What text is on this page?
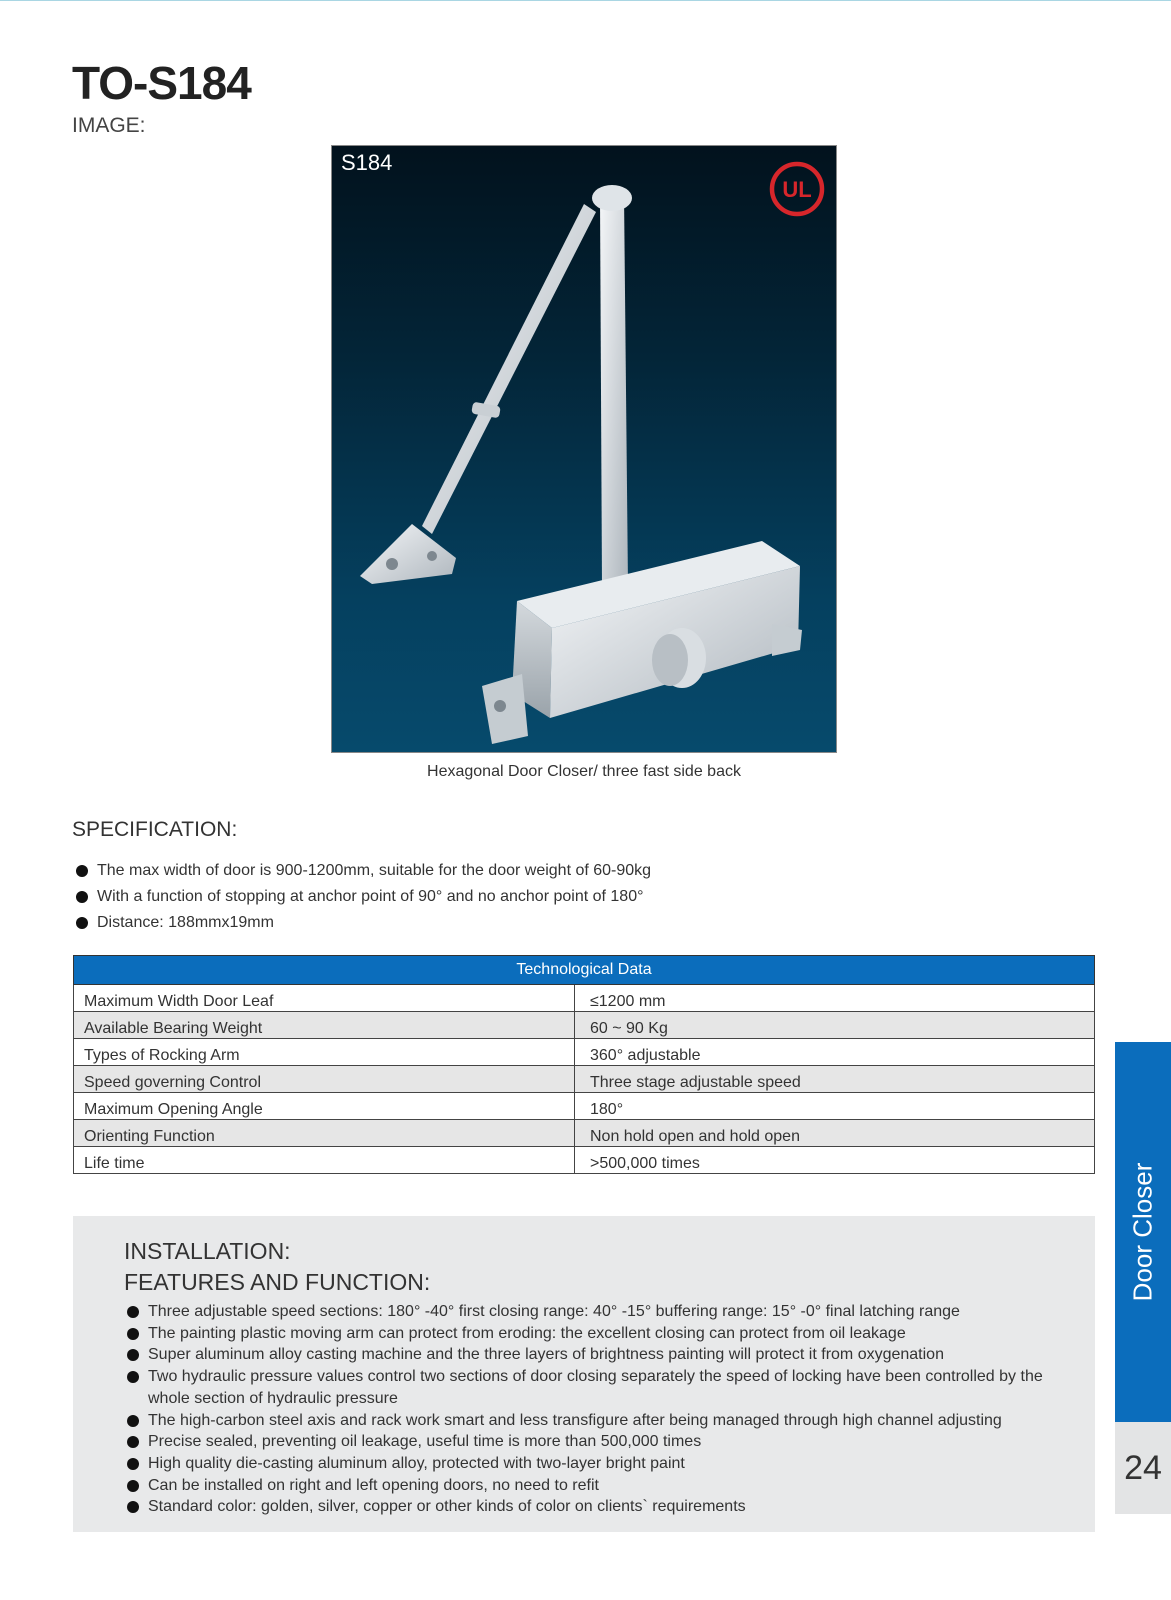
TO-S184
IMAGE:
S184
UL
Hexagonal Door Closer/ three fast side back
SPECIFICATION:
The max width of door is 900-1200mm, suitable for the door weight of 60-90kg
With a function of stopping at anchor point of 90° and no anchor point of 180°
Distance: 188mmx19mm
Technological Data	
Maximum Width Door Leaf	≤1200 mm
Available Bearing Weight	60 ~ 90 Kg
Types of Rocking Arm	360° adjustable
Speed governing Control	Three stage adjustable speed
Maximum Opening Angle	180°
Orienting Function	Non hold open and hold open
Life time	>500,000 times
INSTALLATION:
FEATURES AND FUNCTION:
Three adjustable speed sections: 180° -40° first closing range: 40° -15° buffering range: 15° -0° final latching range
The painting plastic moving arm can protect from eroding: the excellent closing can protect from oil leakage
Super aluminum alloy casting machine and the three layers of brightness painting will protect it from oxygenation
Two hydraulic pressure values control two sections of door closing separately the speed of locking have been controlled by the whole section of hydraulic pressure
The high-carbon steel axis and rack work smart and less transfigure after being managed through high channel adjusting
Precise sealed, preventing oil leakage, useful time is more than 500,000 times
High quality die-casting aluminum alloy, protected with two-layer bright paint
Can be installed on right and left opening doors, no need to refit
Standard color: golden, silver, copper or other kinds of color on clients` requirements
Door Closer
24
